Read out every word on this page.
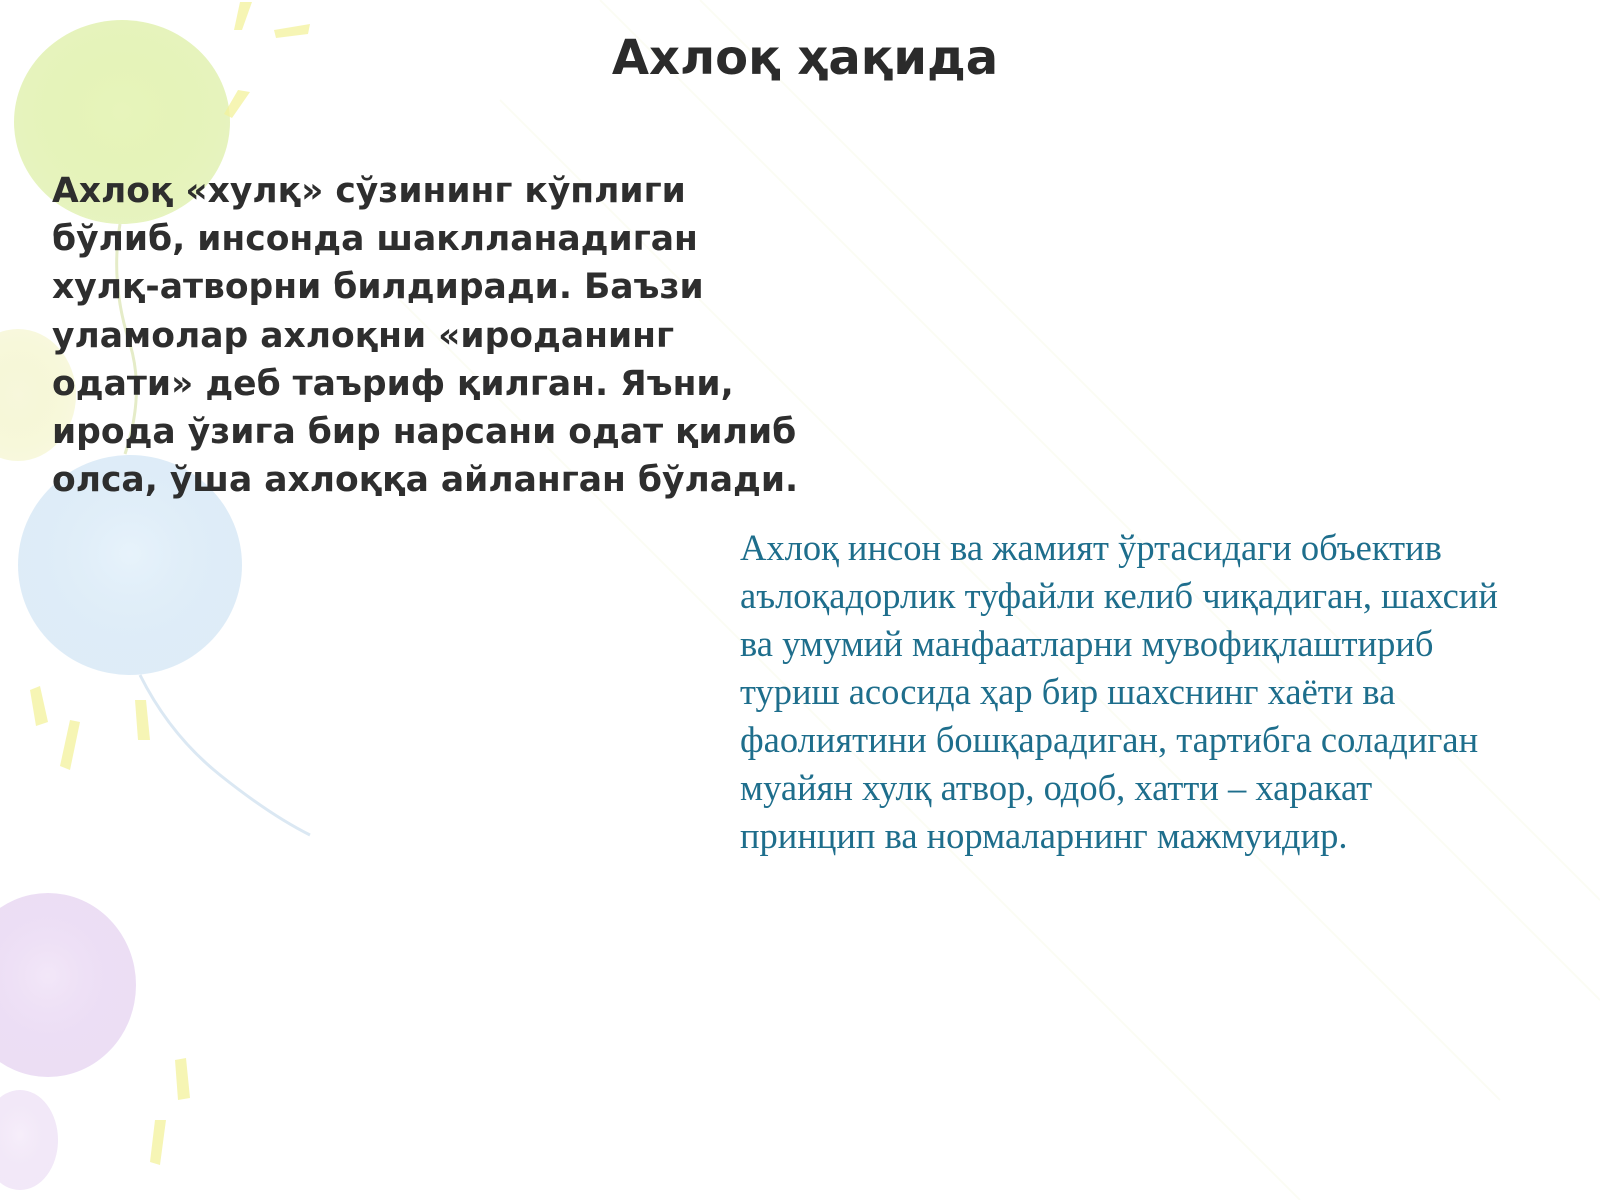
Ахлоқ ҳақида

Ахлоқ «хулқ» сўзининг кўплиги бўлиб, инсонда шаклланадиган хулқ-атворни билдиради. Баъзи уламолар ахлоқни «ироданинг одати» деб таъриф қилган. Яъни, ирода ўзига бир нарсани одат қилиб олса, ўша ахлоққа айланган бўлади.

Ахлоқ инсон ва жамият ўртасидаги объектив аълоқадорлик туфайли келиб чиқадиган, шахсий ва умумий манфаатларни мувофиқлаштириб туриш асосида ҳар бир шахснинг хаёти ва фаолиятини бошқарадиган, тартибга соладиган муайян хулқ атвор, одоб, хатти – харакат принцип ва нормаларнинг мажмуидир.
